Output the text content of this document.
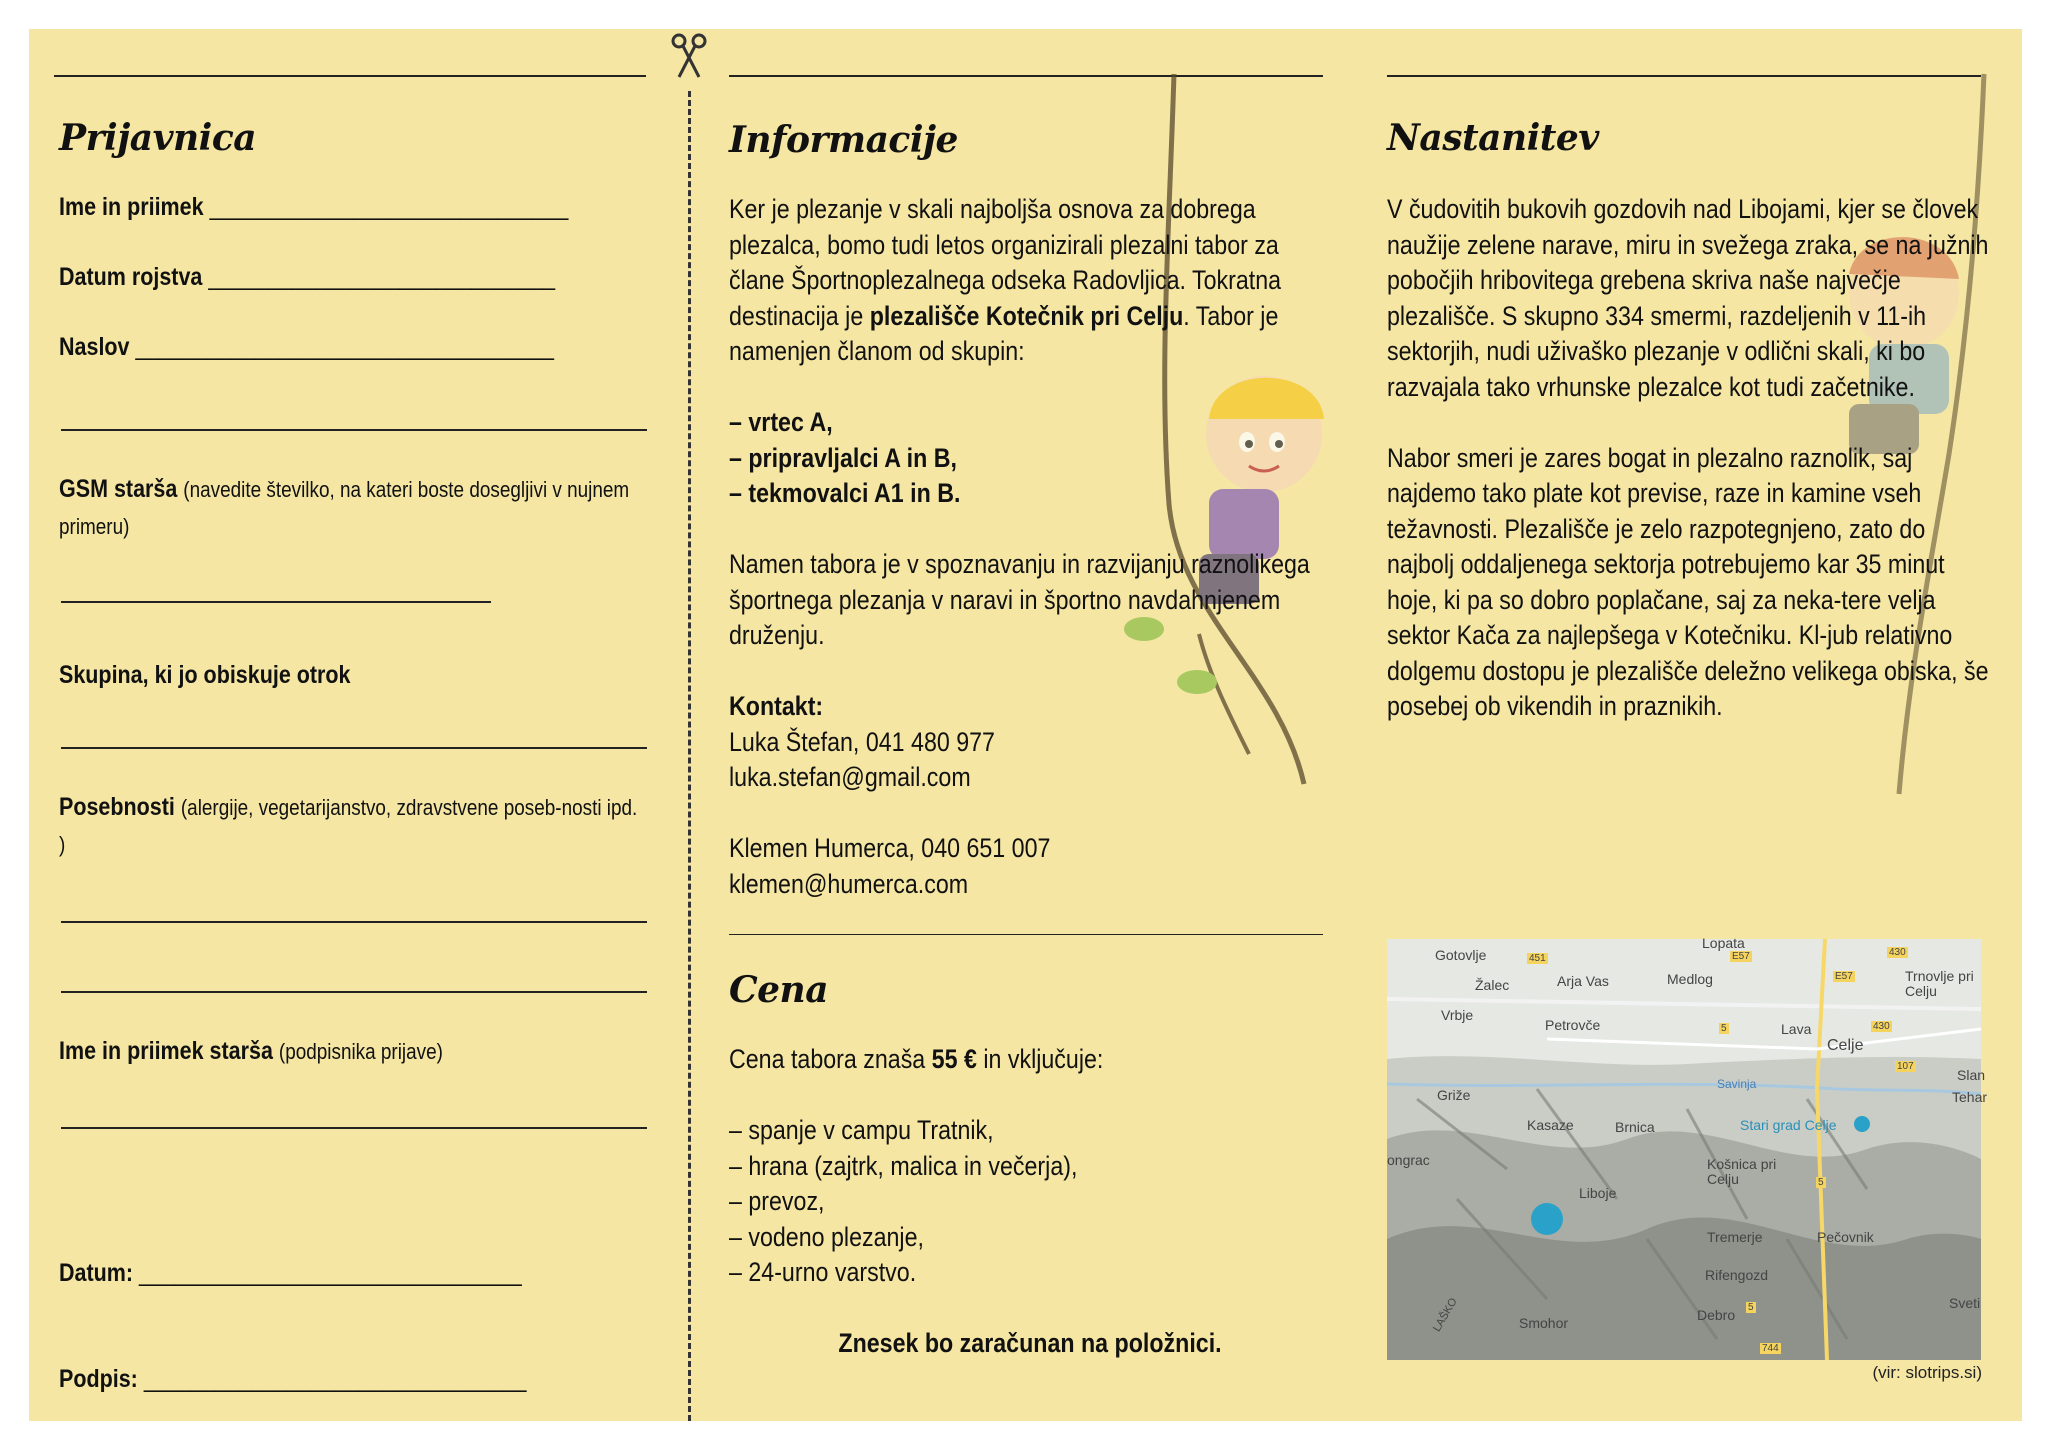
Prijavnica
Ime in priimek ______________________________
Datum rojstva _____________________________
Naslov ___________________________________
GSM starša (navedite številko, na kateri boste dosegljivi v nujnem primeru)
Skupina, ki jo obiskuje otrok
Posebnosti (alergije, vegetarijanstvo, zdravstvene poseb-nosti ipd. )
Ime in priimek starša (podpisnika prijave)
Datum: ________________________________
Podpis: ________________________________
Informacije

Ker je plezanje v skali najboljša osnova za dobrega plezalca, bomo tudi letos organizirali plezalni tabor za člane Športnoplezalnega odseka Radovljica. Tokratna destinacija je plezališče Kotečnik pri Celju. Tabor je namenjen članom od skupin:

– vrtec A,
– pripravljalci A in B,
– tekmovalci A1 in B.

Namen tabora je v spoznavanju in razvijanju raznolikega športnega plezanja v naravi in športno navdahnjenem druženju.

Kontakt:

Luka Štefan, 041 480 977

luka.stefan@gmail.com

Klemen Humerca, 040 651 007

klemen@humerca.com

Cena

Cena tabora znaša 55 € in vključuje:

– spanje v campu Tratnik,
– hrana (zajtrk, malica in večerja),
– prevoz,
– vodeno plezanje,
– 24-urno varstvo.

Znesek bo zaračunan na položnici.

Nastanitev

V čudovitih bukovih gozdovih nad Libojami, kjer se človek naužije zelene narave, miru in svežega zraka, se na južnih pobočjih hribovitega grebena skriva naše največje plezališče. S skupno 334 smermi, razdeljenih v 11-ih sektorjih, nudi uživaško plezanje v odlični skali, ki bo razvajala tako vrhunske plezalce kot tudi začetnike.

Nabor smeri je zares bogat in plezalno raznolik, saj najdemo tako plate kot previse, raze in kamine vseh težavnosti. Plezališče je zelo razpotegnjeno, zato do najbolj oddaljenega sektorja potrebujemo kar 35 minut hoje, ki pa so dobro poplačane, saj za neka-tere velja sektor Kača za najlepšega v Kotečniku. Kl-jub relativno dolgemu dostopu je plezališče deležno velikega obiska, še posebej ob vikendih in praznikih.

Gotovlje
Žalec	Arja Vas	Medlog
Lopata
Trnovlje pri Celju
Vrbje
Petrovče	Lava
Celje
Griže
Savinja
Slan
Tehar
Kasaze	Brnica	Stari grad Celje
ongrac	Košnica pri Celju
Liboje
Tremerje	Pečovnik
Rifengozd
Smohor	Debro
Sveti
LAŠKO
451	E57
E57
430
5	430
107
5
5
744
(vir: slotrips.si)
